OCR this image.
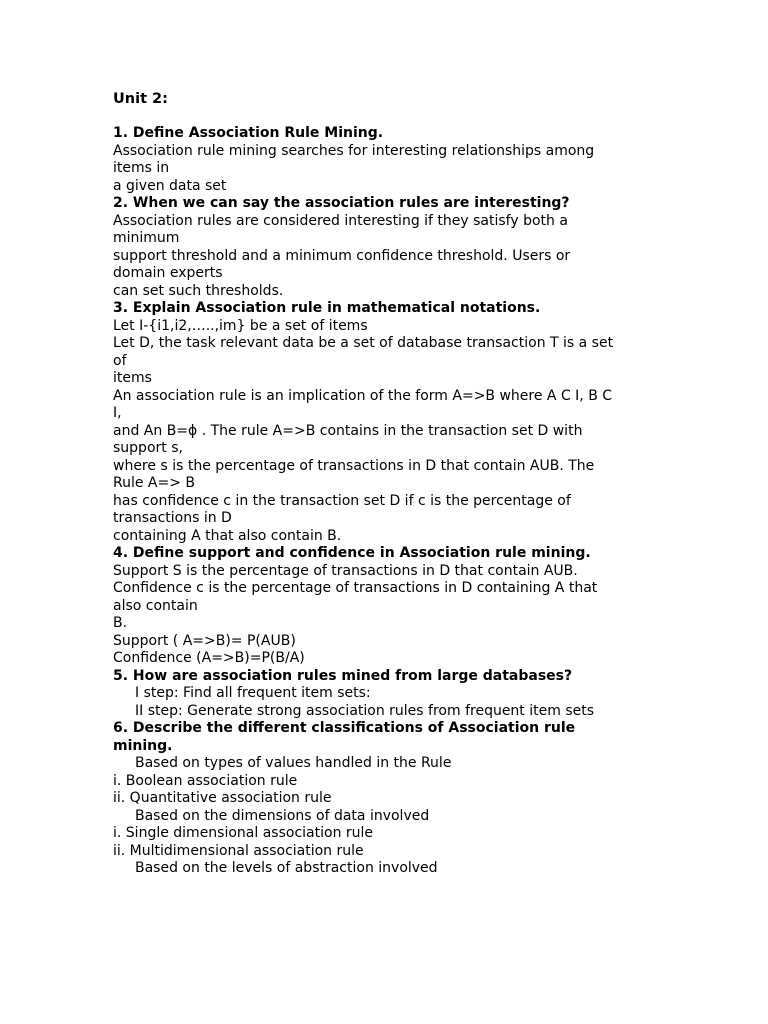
Unit 2:
1. Define Association Rule Mining.
Association rule mining searches for interesting relationships among
items in
a given data set
2. When we can say the association rules are interesting?
Association rules are considered interesting if they satisfy both a
minimum
support threshold and a minimum confidence threshold. Users or
domain experts
can set such thresholds.
3. Explain Association rule in mathematical notations.
Let I-{i1,i2,…..,im} be a set of items
Let D, the task relevant data be a set of database transaction T is a set
of
items
An association rule is an implication of the form A=>B where A C I, B C
I,
and An B=ϕ . The rule A=>B contains in the transaction set D with
support s,
where s is the percentage of transactions in D that contain AUB. The
Rule A=> B
has confidence c in the transaction set D if c is the percentage of
transactions in D
containing A that also contain B.
4. Define support and confidence in Association rule mining.
Support S is the percentage of transactions in D that contain AUB.
Confidence c is the percentage of transactions in D containing A that
also contain
B.
Support ( A=>B)= P(AUB)
Confidence (A=>B)=P(B/A)
5. How are association rules mined from large databases?
I step: Find all frequent item sets:
II step: Generate strong association rules from frequent item sets
6. Describe the different classifications of Association rule
mining.
Based on types of values handled in the Rule
i. Boolean association rule
ii. Quantitative association rule
Based on the dimensions of data involved
i. Single dimensional association rule
ii. Multidimensional association rule
Based on the levels of abstraction involved
